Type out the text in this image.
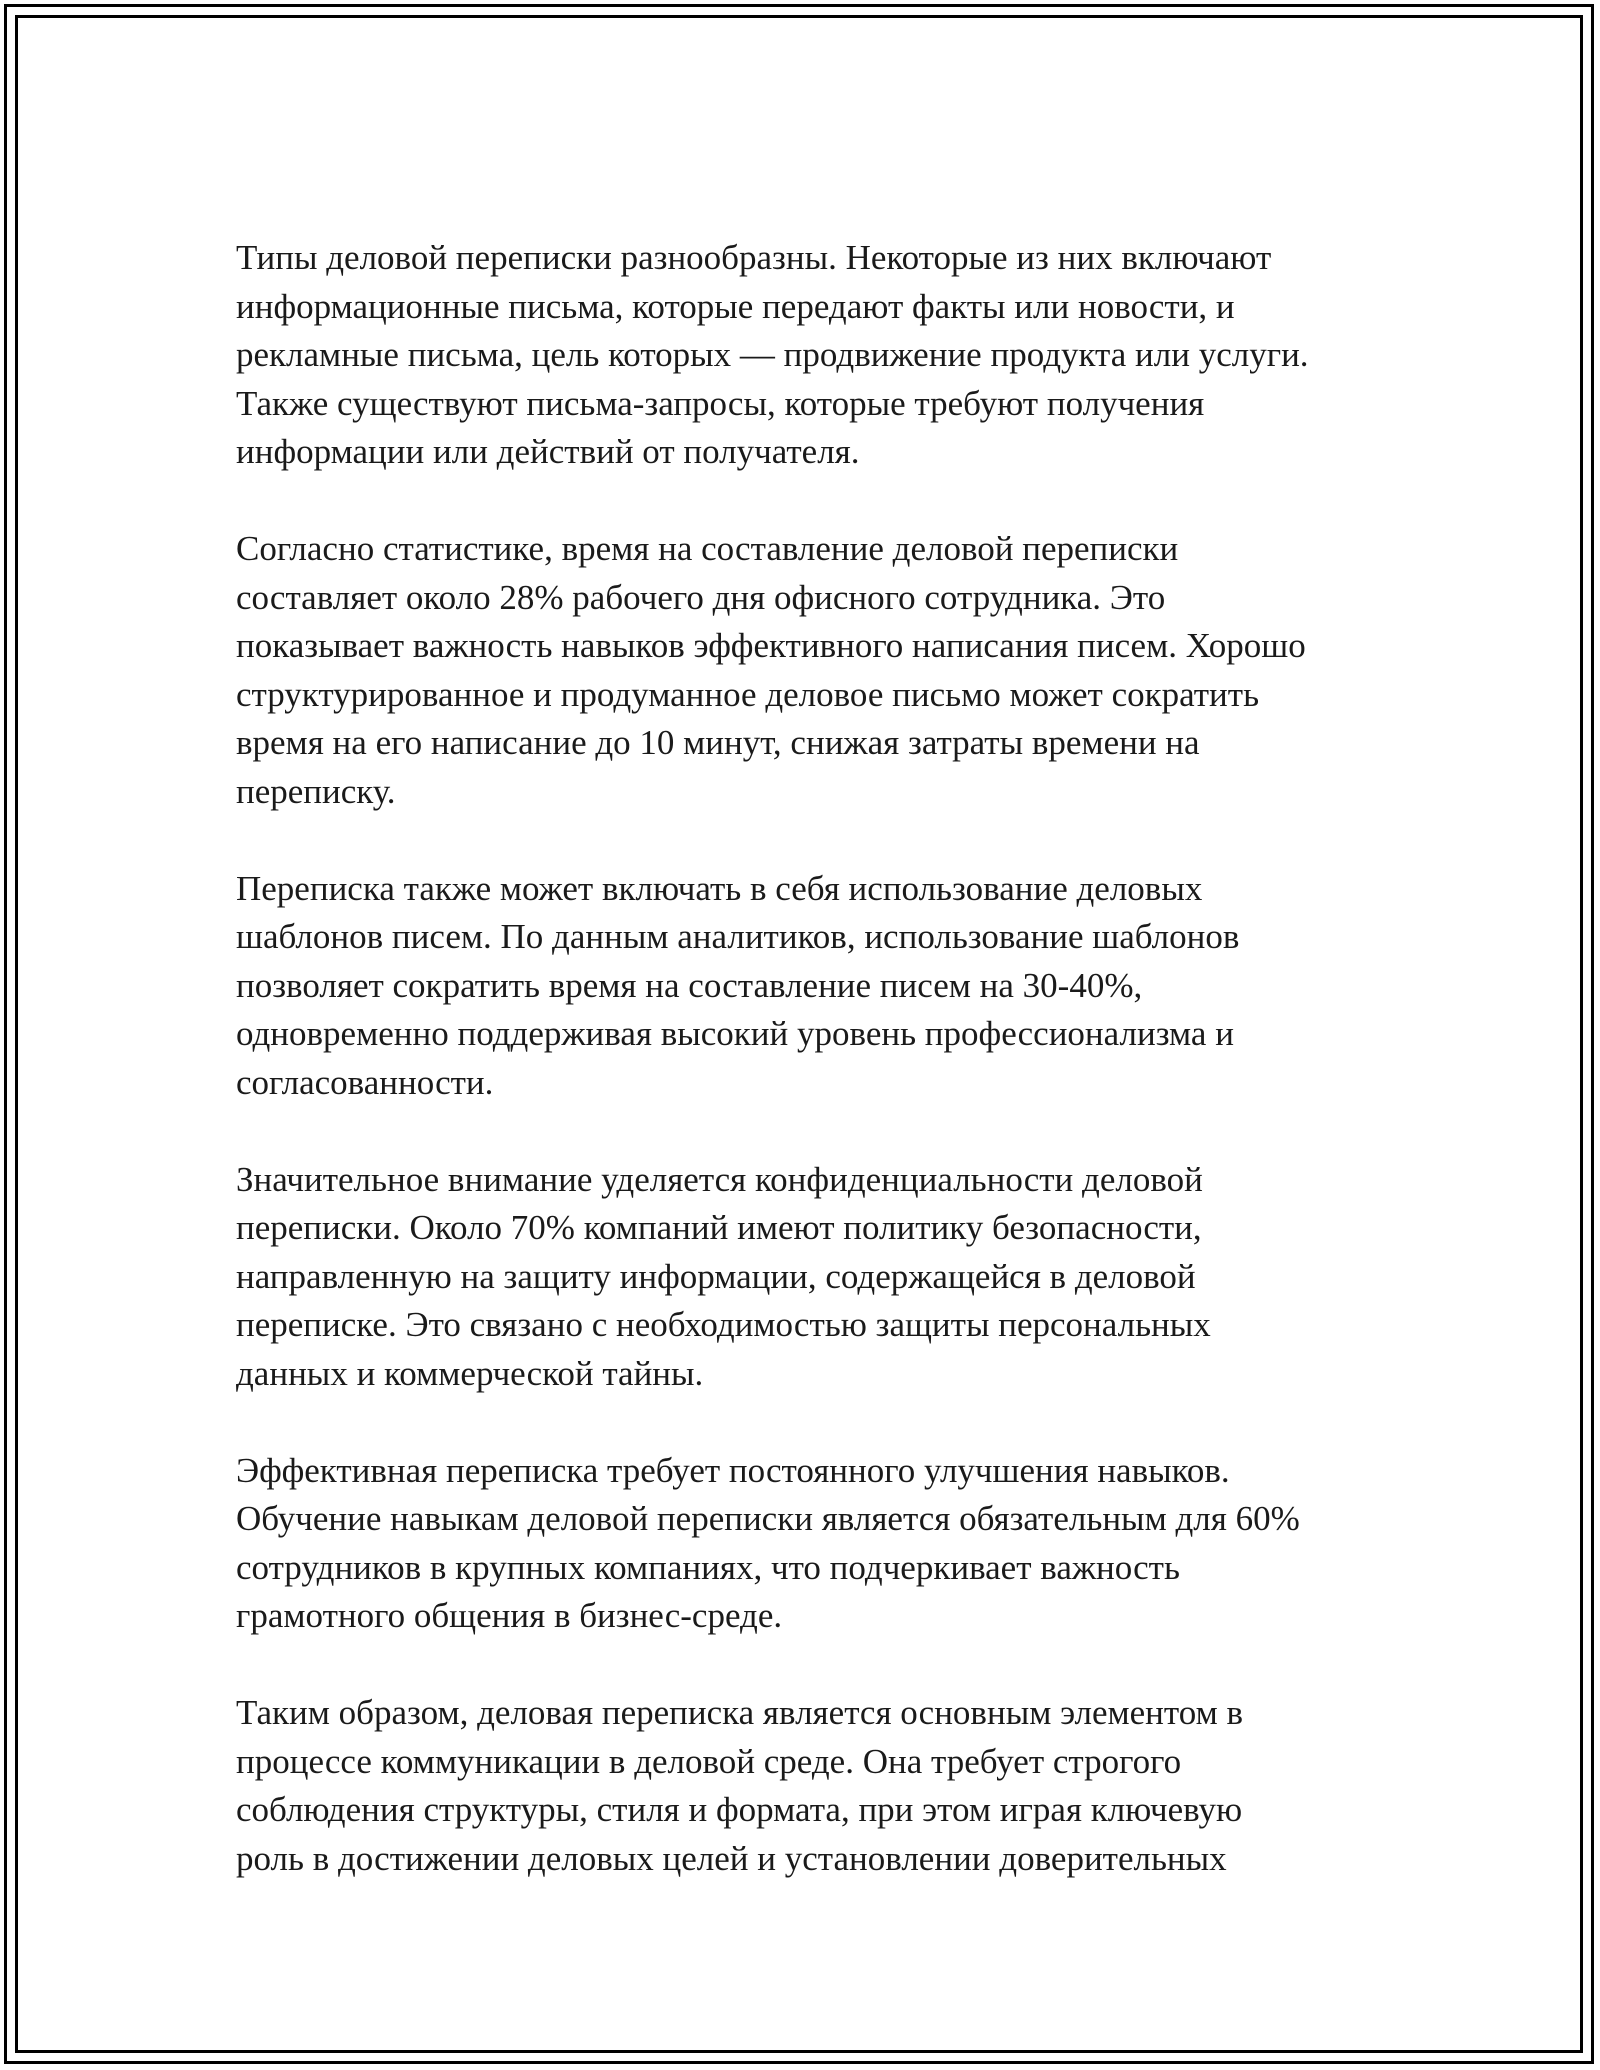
Типы деловой переписки разнообразны. Некоторые из них включают
информационные письма, которые передают факты или новости, и
рекламные письма, цель которых — продвижение продукта или услуги.
Также существуют письма-запросы, которые требуют получения
информации или действий от получателя.

Согласно статистике, время на составление деловой переписки
составляет около 28% рабочего дня офисного сотрудника. Это
показывает важность навыков эффективного написания писем. Хорошо
структурированное и продуманное деловое письмо может сократить
время на его написание до 10 минут, снижая затраты времени на
переписку.

Переписка также может включать в себя использование деловых
шаблонов писем. По данным аналитиков, использование шаблонов
позволяет сократить время на составление писем на 30-40%,
одновременно поддерживая высокий уровень профессионализма и
согласованности.

Значительное внимание уделяется конфиденциальности деловой
переписки. Около 70% компаний имеют политику безопасности,
направленную на защиту информации, содержащейся в деловой
переписке. Это связано с необходимостью защиты персональных
данных и коммерческой тайны.

Эффективная переписка требует постоянного улучшения навыков.
Обучение навыкам деловой переписки является обязательным для 60%
сотрудников в крупных компаниях, что подчеркивает важность
грамотного общения в бизнес-среде.

Таким образом, деловая переписка является основным элементом в
процессе коммуникации в деловой среде. Она требует строгого
соблюдения структуры, стиля и формата, при этом играя ключевую
роль в достижении деловых целей и установлении доверительных
